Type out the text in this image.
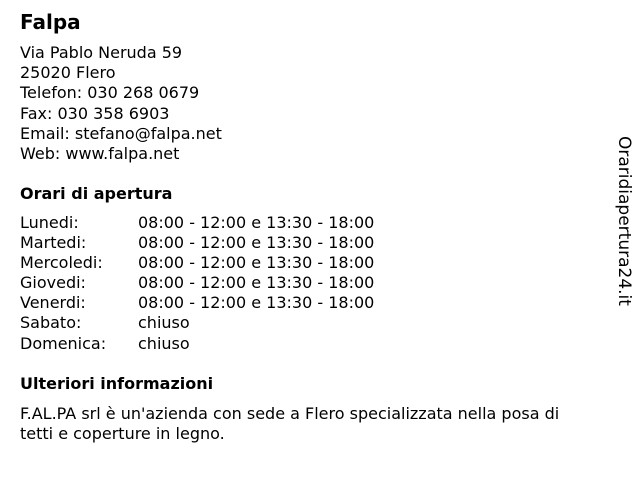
Falpa
Via Pablo Neruda 59
25020 Flero
Telefon: 030 268 0679
Fax: 030 358 6903
Email: stefano@falpa.net
Web: www.falpa.net
Orari di apertura
Lunedi:	08:00 - 12:00 e 13:30 - 18:00
Martedi:	08:00 - 12:00 e 13:30 - 18:00
Mercoledi:	08:00 - 12:00 e 13:30 - 18:00
Giovedi:	08:00 - 12:00 e 13:30 - 18:00
Venerdi:	08:00 - 12:00 e 13:30 - 18:00
Sabato:	chiuso
Domenica:	chiuso
Ulteriori informazioni
F.AL.PA srl è un'azienda con sede a Flero specializzata nella posa di tetti e coperture in legno.
Oraridiapertura24.it
